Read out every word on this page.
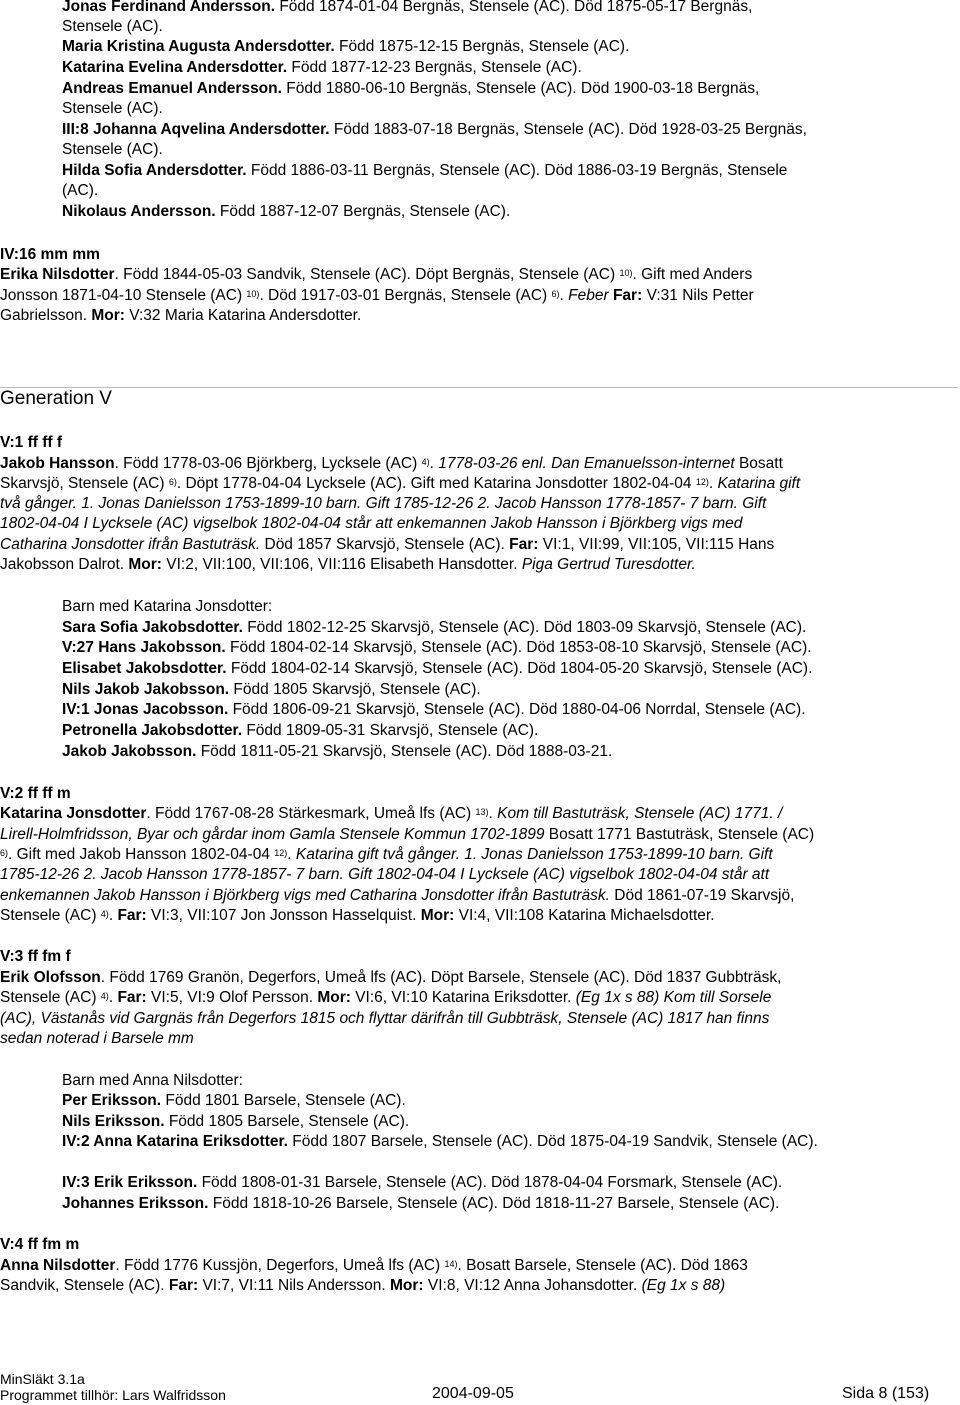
Jonas Ferdinand Andersson. Född 1874-01-04 Bergnäs, Stensele (AC). Död 1875-05-17 Bergnäs,
Stensele (AC).
Maria Kristina Augusta Andersdotter. Född 1875-12-15 Bergnäs, Stensele (AC).
Katarina Evelina Andersdotter. Född 1877-12-23 Bergnäs, Stensele (AC).
Andreas Emanuel Andersson. Född 1880-06-10 Bergnäs, Stensele (AC). Död 1900-03-18 Bergnäs,
Stensele (AC).
III:8 Johanna Aqvelina Andersdotter. Född 1883-07-18 Bergnäs, Stensele (AC). Död 1928-03-25 Bergnäs,
Stensele (AC).
Hilda Sofia Andersdotter. Född 1886-03-11 Bergnäs, Stensele (AC). Död 1886-03-19 Bergnäs, Stensele
(AC).
Nikolaus Andersson. Född 1887-12-07 Bergnäs, Stensele (AC).
IV:16 mm mm
Erika Nilsdotter. Född 1844-05-03 Sandvik, Stensele (AC). Döpt Bergnäs, Stensele (AC) $^{10)}$. Gift med Anders
Jonsson 1871-04-10 Stensele (AC) $^{10)}$. Död 1917-03-01 Bergnäs, Stensele (AC) $^{6)}$. Feber Far: V:31 Nils Petter
Gabrielsson. Mor: V:32 Maria Katarina Andersdotter.
Generation V
V:1 ff ff f
Jakob Hansson. Född 1778-03-06 Björkberg, Lycksele (AC) $^{4)}$. 1778-03-26 enl. Dan Emanuelsson-internet Bosatt
Skarvsjö, Stensele (AC) $^{6)}$. Döpt 1778-04-04 Lycksele (AC). Gift med Katarina Jonsdotter 1802-04-04 $^{12)}$. Katarina gift
två gånger. 1. Jonas Danielsson 1753-1899-10 barn. Gift 1785-12-26 2. Jacob Hansson 1778-1857- 7 barn. Gift
1802-04-04 I Lycksele (AC) vigselbok 1802-04-04 står att enkemannen Jakob Hansson i Björkberg vigs med
Catharina Jonsdotter ifrån Bastuträsk. Död 1857 Skarvsjö, Stensele (AC). Far: VI:1, VII:99, VII:105, VII:115 Hans
Jakobsson Dalrot. Mor: VI:2, VII:100, VII:106, VII:116 Elisabeth Hansdotter. Piga Gertrud Turesdotter.
Barn med Katarina Jonsdotter:
Sara Sofia Jakobsdotter. Född 1802-12-25 Skarvsjö, Stensele (AC). Död 1803-09 Skarvsjö, Stensele (AC).
V:27 Hans Jakobsson. Född 1804-02-14 Skarvsjö, Stensele (AC). Död 1853-08-10 Skarvsjö, Stensele (AC).
Elisabet Jakobsdotter. Född 1804-02-14 Skarvsjö, Stensele (AC). Död 1804-05-20 Skarvsjö, Stensele (AC).
Nils Jakob Jakobsson. Född 1805 Skarvsjö, Stensele (AC).
IV:1 Jonas Jacobsson. Född 1806-09-21 Skarvsjö, Stensele (AC). Död 1880-04-06 Norrdal, Stensele (AC).
Petronella Jakobsdotter. Född 1809-05-31 Skarvsjö, Stensele (AC).
Jakob Jakobsson. Född 1811-05-21 Skarvsjö, Stensele (AC). Död 1888-03-21.
V:2 ff ff m
Katarina Jonsdotter. Född 1767-08-28 Stärkesmark, Umeå lfs (AC) $^{13)}$. Kom till Bastuträsk, Stensele (AC) 1771. /
Lirell-Holmfridsson, Byar och gårdar inom Gamla Stensele Kommun 1702-1899 Bosatt 1771 Bastuträsk, Stensele (AC)
$^{6)}$. Gift med Jakob Hansson 1802-04-04 $^{12)}$. Katarina gift två gånger. 1. Jonas Danielsson 1753-1899-10 barn. Gift
1785-12-26 2. Jacob Hansson 1778-1857- 7 barn. Gift 1802-04-04 I Lycksele (AC) vigselbok 1802-04-04 står att
enkemannen Jakob Hansson i Björkberg vigs med Catharina Jonsdotter ifrån Bastuträsk. Död 1861-07-19 Skarvsjö,
Stensele (AC) $^{4)}$. Far: VI:3, VII:107 Jon Jonsson Hasselquist. Mor: VI:4, VII:108 Katarina Michaelsdotter.
V:3 ff fm f
Erik Olofsson. Född 1769 Granön, Degerfors, Umeå lfs (AC). Döpt Barsele, Stensele (AC). Död 1837 Gubbträsk,
Stensele (AC) $^{4)}$. Far: VI:5, VI:9 Olof Persson. Mor: VI:6, VI:10 Katarina Eriksdotter. (Eg 1x s 88) Kom till Sorsele
(AC), Västanås vid Gargnäs från Degerfors 1815 och flyttar därifrån till Gubbträsk, Stensele (AC) 1817 han finns
sedan noterad i Barsele mm
Barn med Anna Nilsdotter:
Per Eriksson. Född 1801 Barsele, Stensele (AC).
Nils Eriksson. Född 1805 Barsele, Stensele (AC).
IV:2 Anna Katarina Eriksdotter. Född 1807 Barsele, Stensele (AC). Död 1875-04-19 Sandvik, Stensele (AC).
IV:3 Erik Eriksson. Född 1808-01-31 Barsele, Stensele (AC). Död 1878-04-04 Forsmark, Stensele (AC).
Johannes Eriksson. Född 1818-10-26 Barsele, Stensele (AC). Död 1818-11-27 Barsele, Stensele (AC).
V:4 ff fm m
Anna Nilsdotter. Född 1776 Kussjön, Degerfors, Umeå lfs (AC) $^{14)}$. Bosatt Barsele, Stensele (AC). Död 1863
Sandvik, Stensele (AC). Far: VI:7, VI:11 Nils Andersson. Mor: VI:8, VI:12 Anna Johansdotter. (Eg 1x s 88)
MinSläkt 3.1a
Programmet tillhör: Lars Walfridsson	2004-09-05	Sida 8 (153)
